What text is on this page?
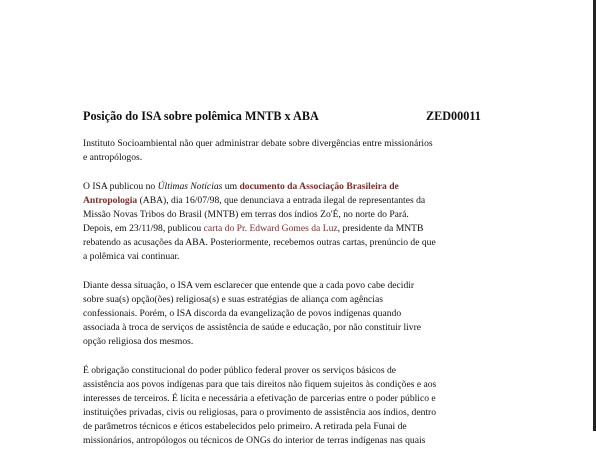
Posição do ISA sobre polêmica MNTB x ABA	ZED00011

Instituto Socioambiental não quer administrar debate sobre divergências entre missionários
e antropólogos.

O ISA publicou no Últimas Notícias um documento da Associação Brasileira de
Antropologia (ABA), dia 16/07/98, que denunciava a entrada ilegal de representantes da
Missão Novas Tribos do Brasil (MNTB) em terras dos índios Zo'É, no norte do Pará.
Depois, em 23/11/98, publicou carta do Pr. Edward Gomes da Luz, presidente da MNTB
rebatendo as acusações da ABA. Posteriormente, recebemos outras cartas, prenúncio de que
a polêmica vai continuar.

Diante dessa situação, o ISA vem esclarecer que entende que a cada povo cabe decidir
sobre sua(s) opção(ões) religiosa(s) e suas estratégias de aliança com agências
confessionais. Porém, o ISA discorda da evangelização de povos indígenas quando
associada à troca de serviços de assistência de saúde e educação, por não constituir livre
opção religiosa dos mesmos.

É obrigação constitucional do poder público federal prover os serviços básicos de
assistência aos povos indígenas para que tais direitos não fiquem sujeitos às condições e aos
interesses de terceiros. É lícita e necessária a efetivação de parcerias entre o poder público e
instituições privadas, civis ou religiosas, para o provimento de assistência aos índios, dentro
de parâmetros técnicos e éticos estabelecidos pelo primeiro. A retirada pela Funai de
missionários, antropólogos ou técnicos de ONGs do interior de terras indígenas nas quais
